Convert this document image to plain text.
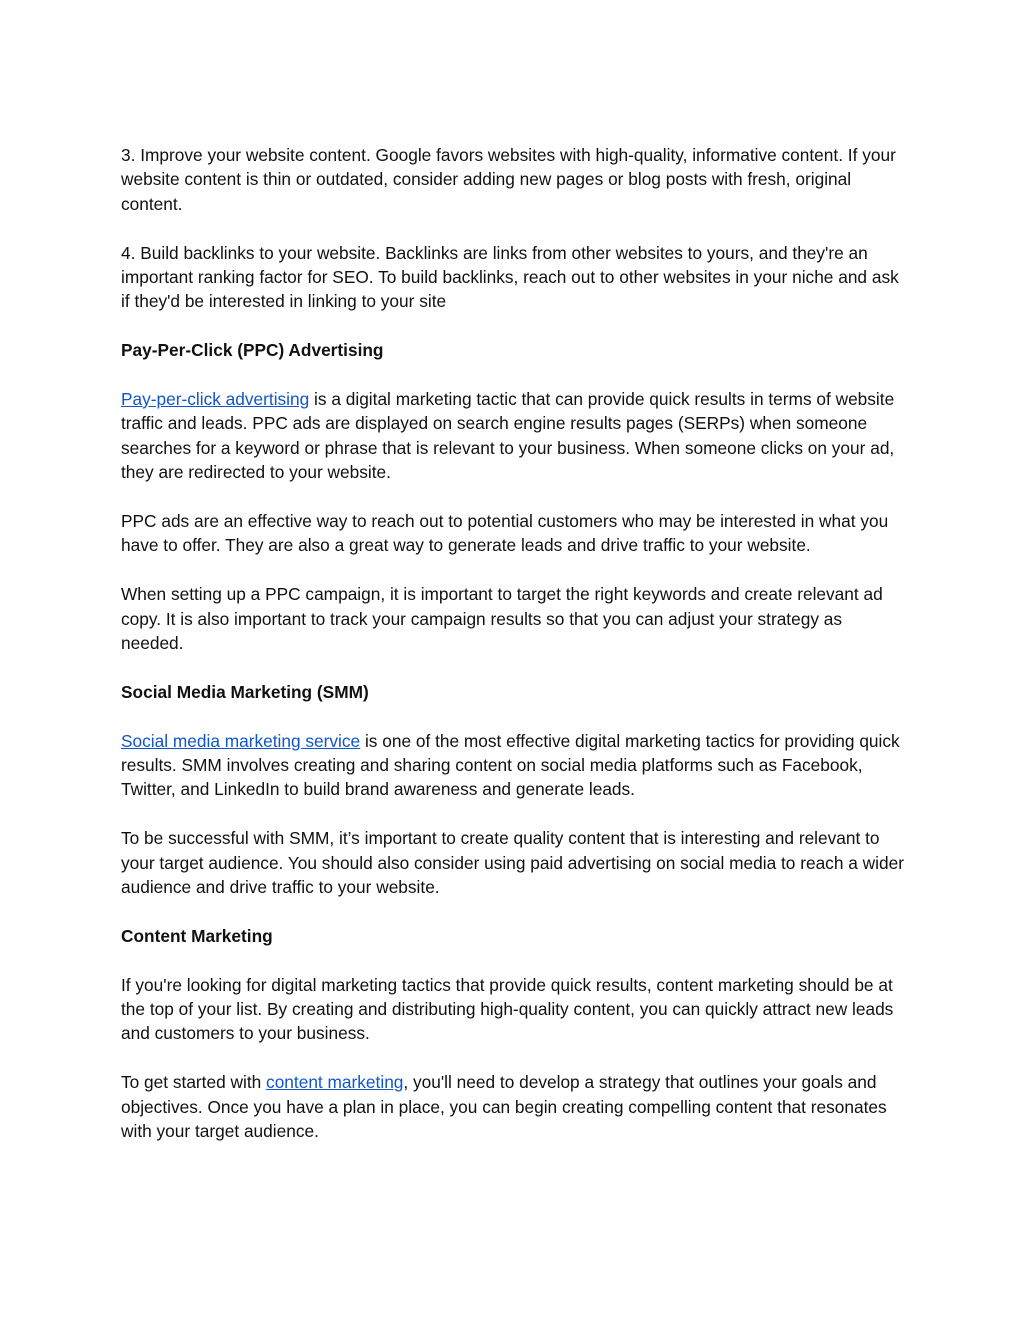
3. Improve your website content. Google favors websites with high-quality, informative content. If your website content is thin or outdated, consider adding new pages or blog posts with fresh, original content.

4. Build backlinks to your website. Backlinks are links from other websites to yours, and they're an important ranking factor for SEO. To build backlinks, reach out to other websites in your niche and ask if they'd be interested in linking to your site

Pay-Per-Click (PPC) Advertising

Pay-per-click advertising is a digital marketing tactic that can provide quick results in terms of website traffic and leads. PPC ads are displayed on search engine results pages (SERPs) when someone searches for a keyword or phrase that is relevant to your business. When someone clicks on your ad, they are redirected to your website.

PPC ads are an effective way to reach out to potential customers who may be interested in what you have to offer. They are also a great way to generate leads and drive traffic to your website.

When setting up a PPC campaign, it is important to target the right keywords and create relevant ad copy. It is also important to track your campaign results so that you can adjust your strategy as needed.

Social Media Marketing (SMM)

Social media marketing service is one of the most effective digital marketing tactics for providing quick results. SMM involves creating and sharing content on social media platforms such as Facebook, Twitter, and LinkedIn to build brand awareness and generate leads.

To be successful with SMM, it’s important to create quality content that is interesting and relevant to your target audience. You should also consider using paid advertising on social media to reach a wider audience and drive traffic to your website.

Content Marketing

If you're looking for digital marketing tactics that provide quick results, content marketing should be at the top of your list. By creating and distributing high-quality content, you can quickly attract new leads and customers to your business.

To get started with content marketing, you'll need to develop a strategy that outlines your goals and objectives. Once you have a plan in place, you can begin creating compelling content that resonates with your target audience.
